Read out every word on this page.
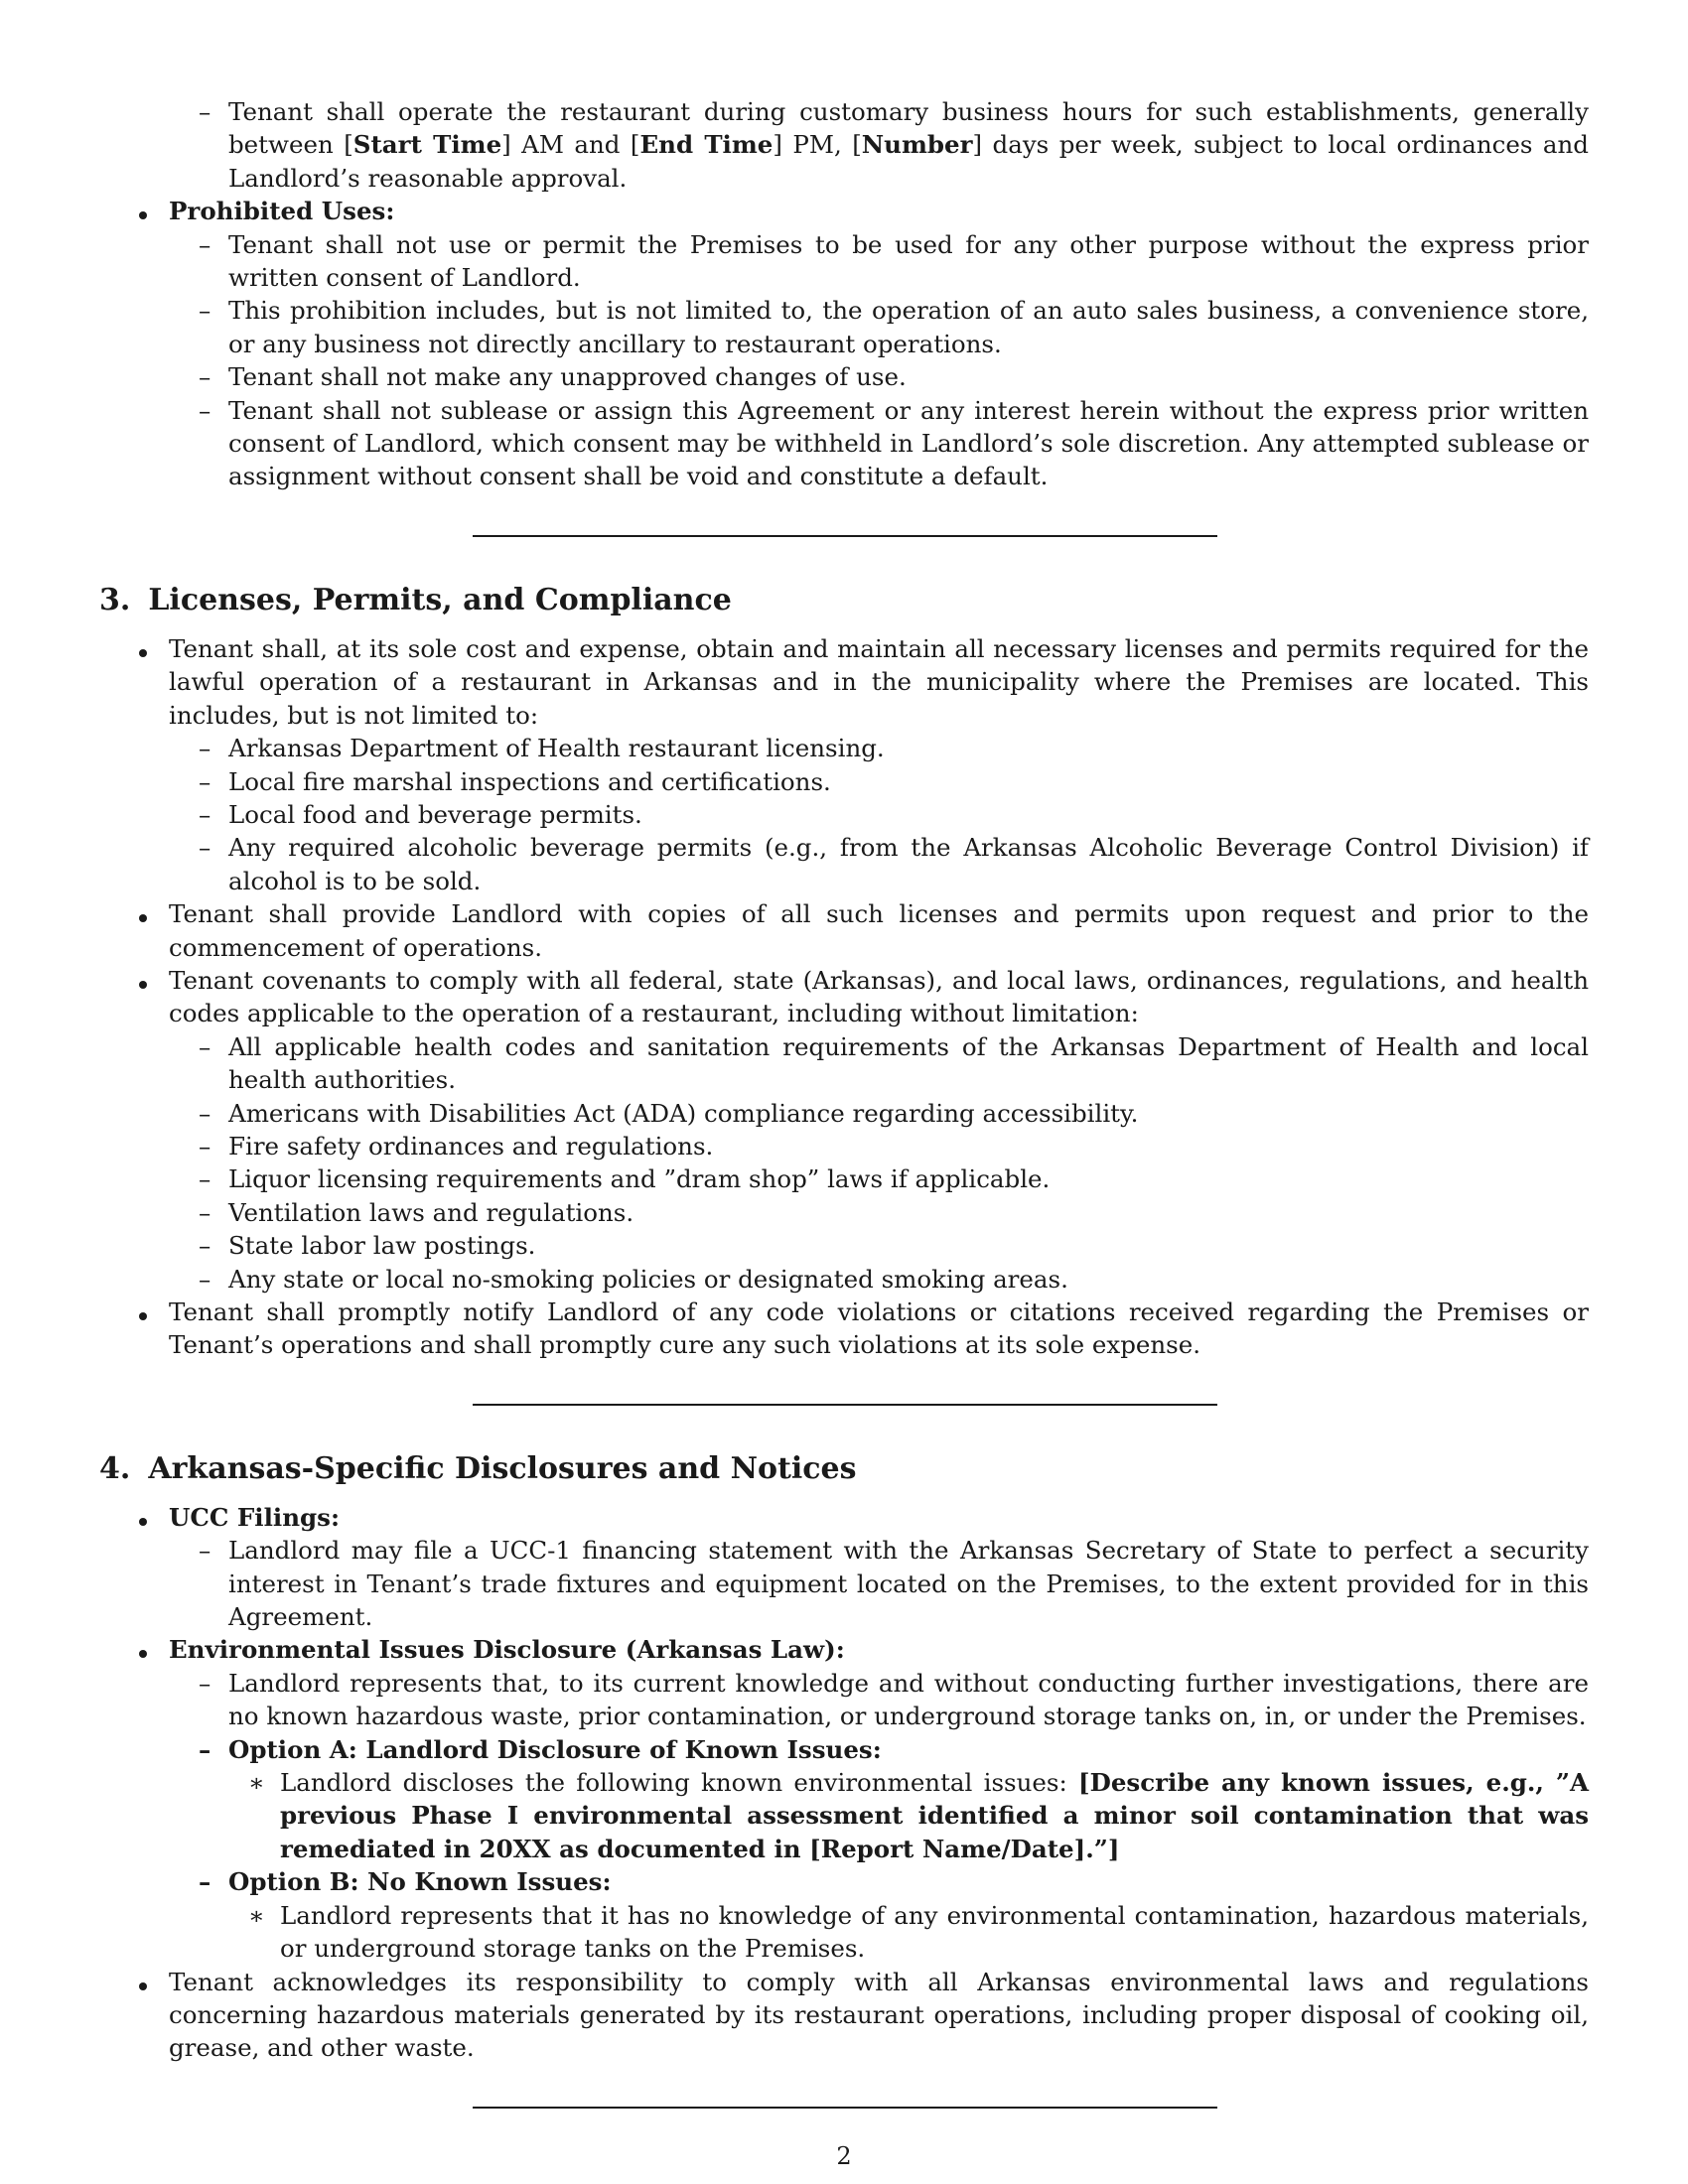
– Tenant shall operate the restaurant during customary business hours for such establishments, generally between [Start Time] AM and [End Time] PM, [Number] days per week, subject to local ordinances and Landlord’s reasonable approval.

Prohibited Uses:

– Tenant shall not use or permit the Premises to be used for any other purpose without the express prior written consent of Landlord.

– This prohibition includes, but is not limited to, the operation of an auto sales business, a convenience store, or any business not directly ancillary to restaurant operations.

– Tenant shall not make any unapproved changes of use.

– Tenant shall not sublease or assign this Agreement or any interest herein without the express prior written consent of Landlord, which consent may be withheld in Landlord’s sole discretion. Any attempted sublease or assignment without consent shall be void and constitute a default.

3. Licenses, Permits, and Compliance

Tenant shall, at its sole cost and expense, obtain and maintain all necessary licenses and permits required for the lawful operation of a restaurant in Arkansas and in the municipality where the Premises are located. This includes, but is not limited to:

– Arkansas Department of Health restaurant licensing.

– Local fire marshal inspections and certifications.

– Local food and beverage permits.

– Any required alcoholic beverage permits (e.g., from the Arkansas Alcoholic Beverage Control Division) if alcohol is to be sold.

Tenant shall provide Landlord with copies of all such licenses and permits upon request and prior to the commencement of operations.

Tenant covenants to comply with all federal, state (Arkansas), and local laws, ordinances, regulations, and health codes applicable to the operation of a restaurant, including without limitation:

– All applicable health codes and sanitation requirements of the Arkansas Department of Health and local health authorities.

– Americans with Disabilities Act (ADA) compliance regarding accessibility.

– Fire safety ordinances and regulations.

– Liquor licensing requirements and ”dram shop” laws if applicable.

– Ventilation laws and regulations.

– State labor law postings.

– Any state or local no-smoking policies or designated smoking areas.

Tenant shall promptly notify Landlord of any code violations or citations received regarding the Premises or Tenant’s operations and shall promptly cure any such violations at its sole expense.

4. Arkansas-Specific Disclosures and Notices

UCC Filings:

– Landlord may file a UCC-1 financing statement with the Arkansas Secretary of State to perfect a security interest in Tenant’s trade fixtures and equipment located on the Premises, to the extent provided for in this Agreement.

Environmental Issues Disclosure (Arkansas Law):

– Landlord represents that, to its current knowledge and without conducting further investigations, there are no known hazardous waste, prior contamination, or underground storage tanks on, in, or under the Premises.

– Option A: Landlord Disclosure of Known Issues:

∗ Landlord discloses the following known environmental issues: [Describe any known issues, e.g., ”A previous Phase I environmental assessment identified a minor soil contamination that was remediated in 20XX as documented in [Report Name/Date].”]

– Option B: No Known Issues:

∗ Landlord represents that it has no knowledge of any environmental contamination, hazardous materials, or underground storage tanks on the Premises.

Tenant acknowledges its responsibility to comply with all Arkansas environmental laws and regulations concerning hazardous materials generated by its restaurant operations, including proper disposal of cooking oil, grease, and other waste.

2
